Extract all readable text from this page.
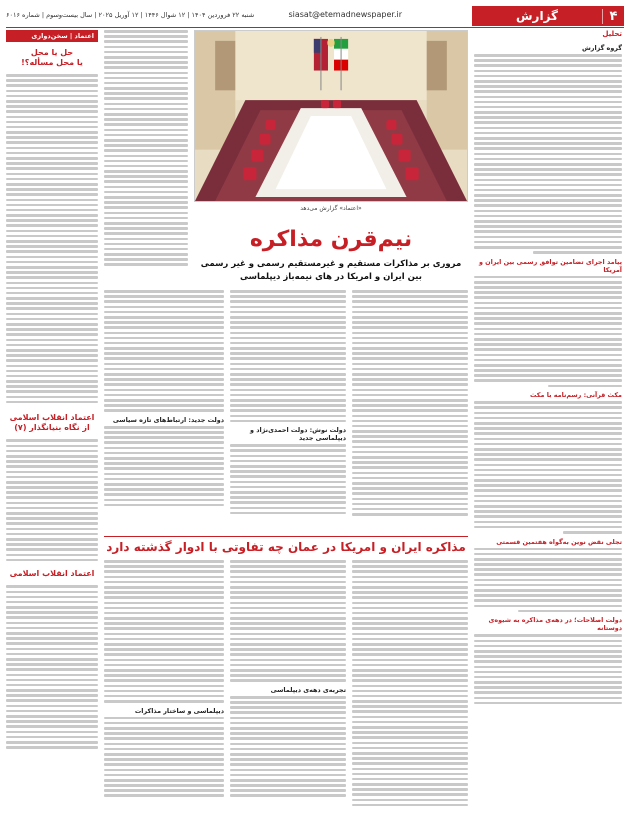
۴
گزارش
siasat@etemadnewspaper.ir
شنبه ۲۲ فروردین ۱۴۰۴ | ۱۲ شوال ۱۴۴۶ | ۱۲ آوریل ۲۰۲۵ | سال بیست‌وسوم | شماره ۶۰۱۶
تحلیل
گروه گزارش
پیامد اجرای تضامین توافق رسمی بین ایران و آمریکا
مکث قرآنی: رسم‌نامه با مکث
تجلی نقض نوین به‌گواه هفتمین قسمتی
دولت اصلاحات؛ در دهه‌ی مذاکره به شیوه‌ی دوستانه
اعتماد | سخن‌دوازی
حل یا محل
یا محل مسأله؟!
اعتماد انقلاب اسلامی
از نگاه بنیانگذار (۷)
اعتماد انقلاب اسلامی
«اعتماد» گزارش می‌دهد
نیم‌قرن مذاکره
مروری بر مذاکرات مستقیم و غیرمستقیم رسمی و غیر رسمی
بین ایران و امریکا در های نیمه‌باز دیپلماسی
دولت نوش: دولت احمدی‌نژاد و دیپلماسی جدید
دولت جدید: ارتباط‌های تازه سیاسی
مذاکره ایران و امریکا در عمان چه تفاوتی با ادوار گذشته دارد
تجربه‌ی دهه‌ی دیپلماسی
دیپلماسی و ساختار مذاکرات
